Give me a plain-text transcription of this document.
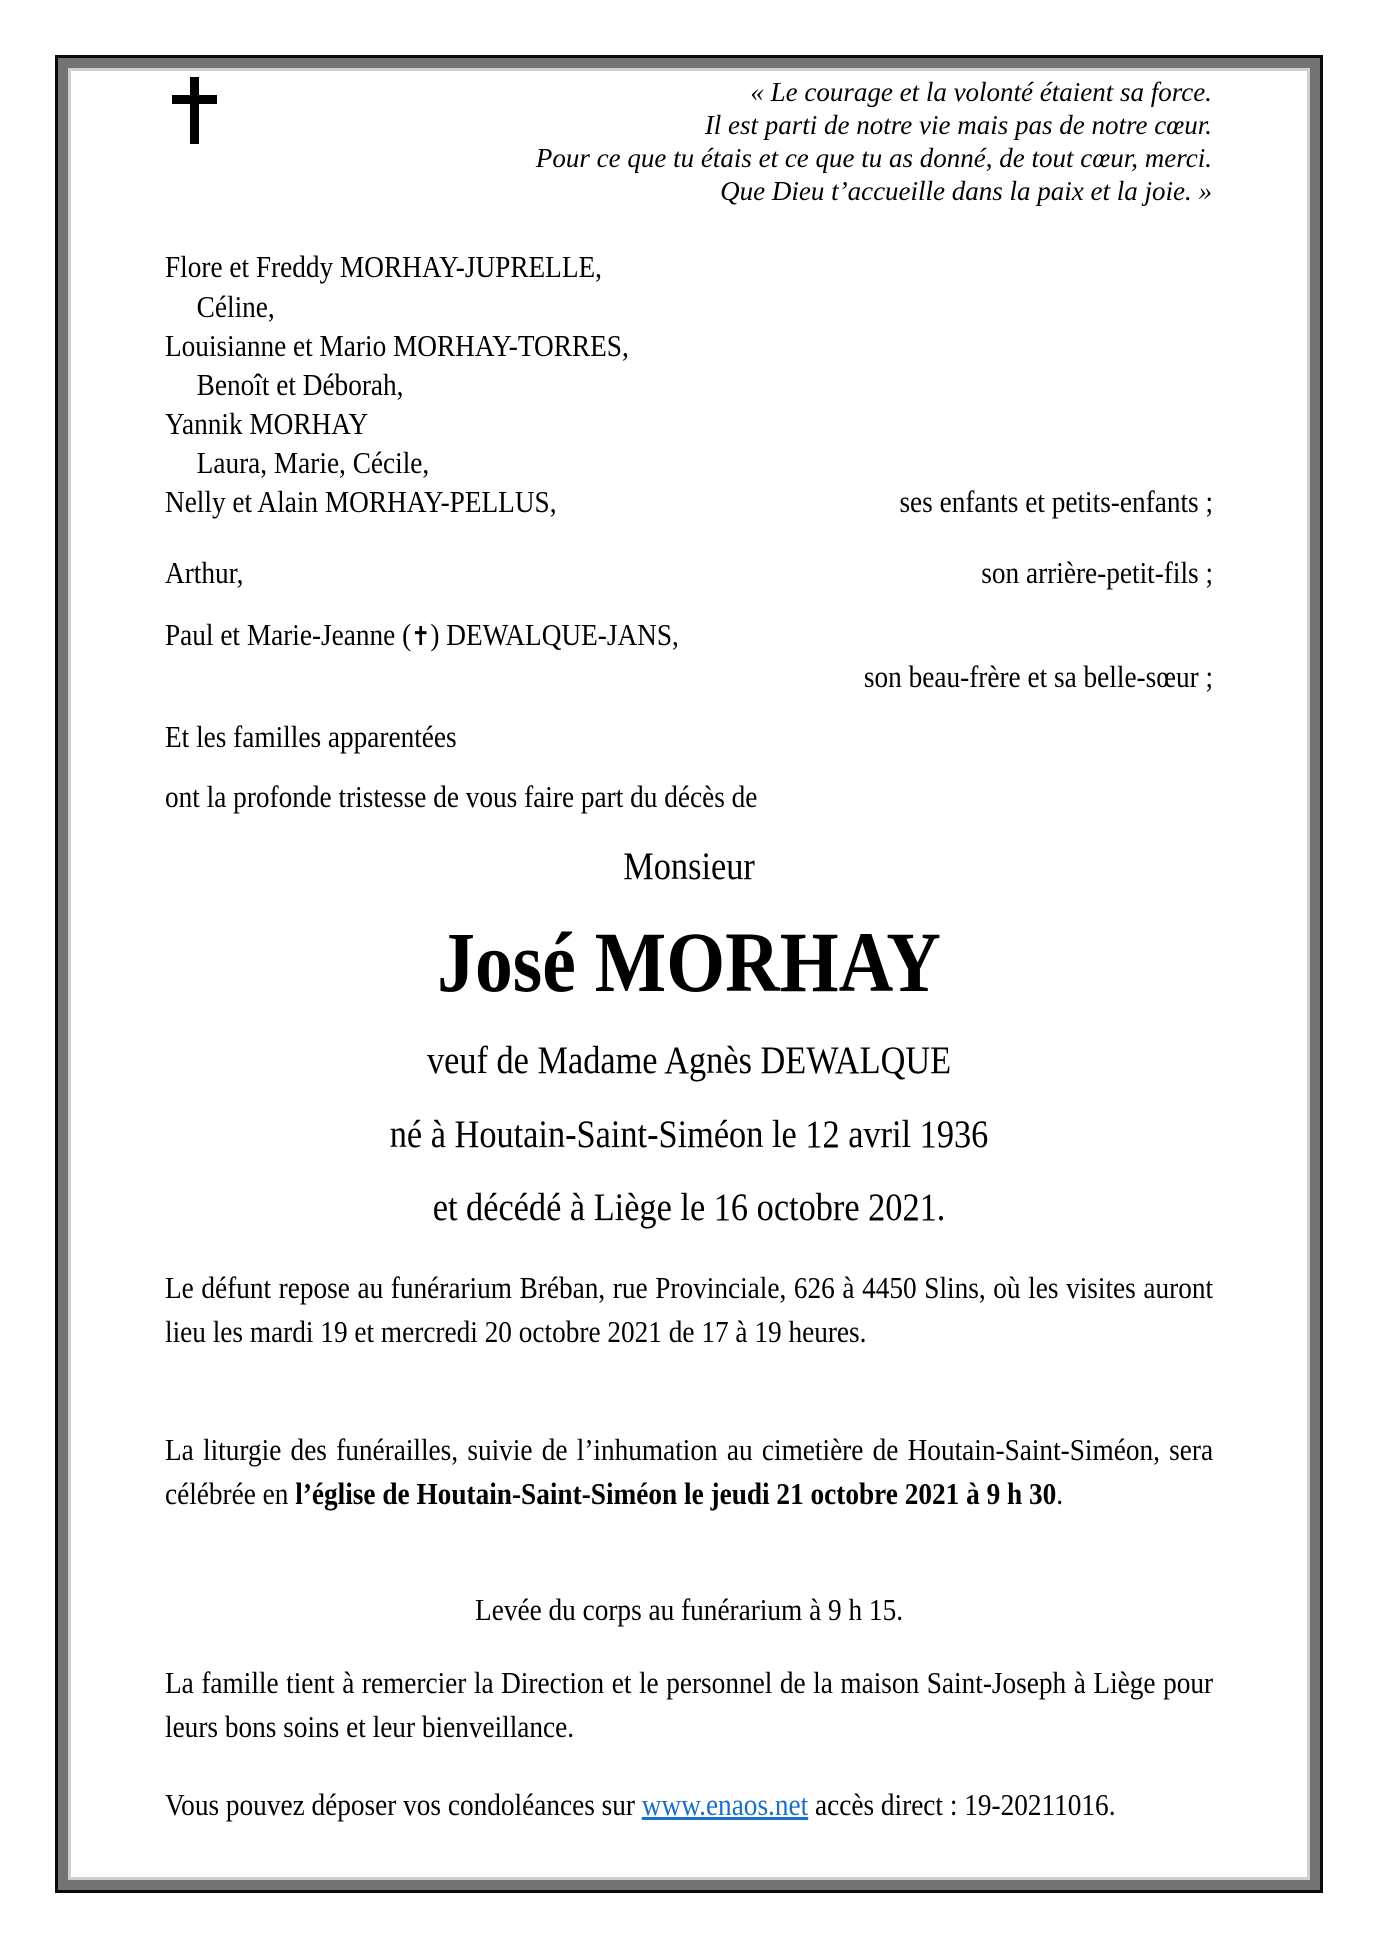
« Le courage et la volonté étaient sa force.
Il est parti de notre vie mais pas de notre cœur.
Pour ce que tu étais et ce que tu as donné, de tout cœur, merci.
Que Dieu t’accueille dans la paix et la joie. »
Flore et Freddy MORHAY-JUPRELLE,
Céline,
Louisianne et Mario MORHAY-TORRES,
Benoît et Déborah,
Yannik MORHAY
Laura, Marie, Cécile,
Nelly et Alain MORHAY-PELLUS,	ses enfants et petits-enfants ;
Arthur,	son arrière-petit-fils ;
Paul et Marie-Jeanne (✝) DEWALQUE-JANS,
son beau-frère et sa belle-sœur ;
Et les familles apparentées
ont la profonde tristesse de vous faire part du décès de
Monsieur
José MORHAY
veuf de Madame Agnès DEWALQUE
né à Houtain-Saint-Siméon le 12 avril 1936
et décédé à Liège le 16 octobre 2021.
Le défunt repose au funérarium Bréban, rue Provinciale, 626 à 4450 Slins, où les visites auront lieu les mardi 19 et mercredi 20 octobre 2021 de 17 à 19 heures.
La liturgie des funérailles, suivie de l’inhumation au cimetière de Houtain-Saint-Siméon, sera célébrée en l’église de Houtain-Saint-Siméon le jeudi 21 octobre 2021 à 9 h 30.
Levée du corps au funérarium à 9 h 15.
La famille tient à remercier la Direction et le personnel de la maison Saint-Joseph à Liège pour leurs bons soins et leur bienveillance.
Vous pouvez déposer vos condoléances sur www.enaos.net accès direct : 19-20211016.
